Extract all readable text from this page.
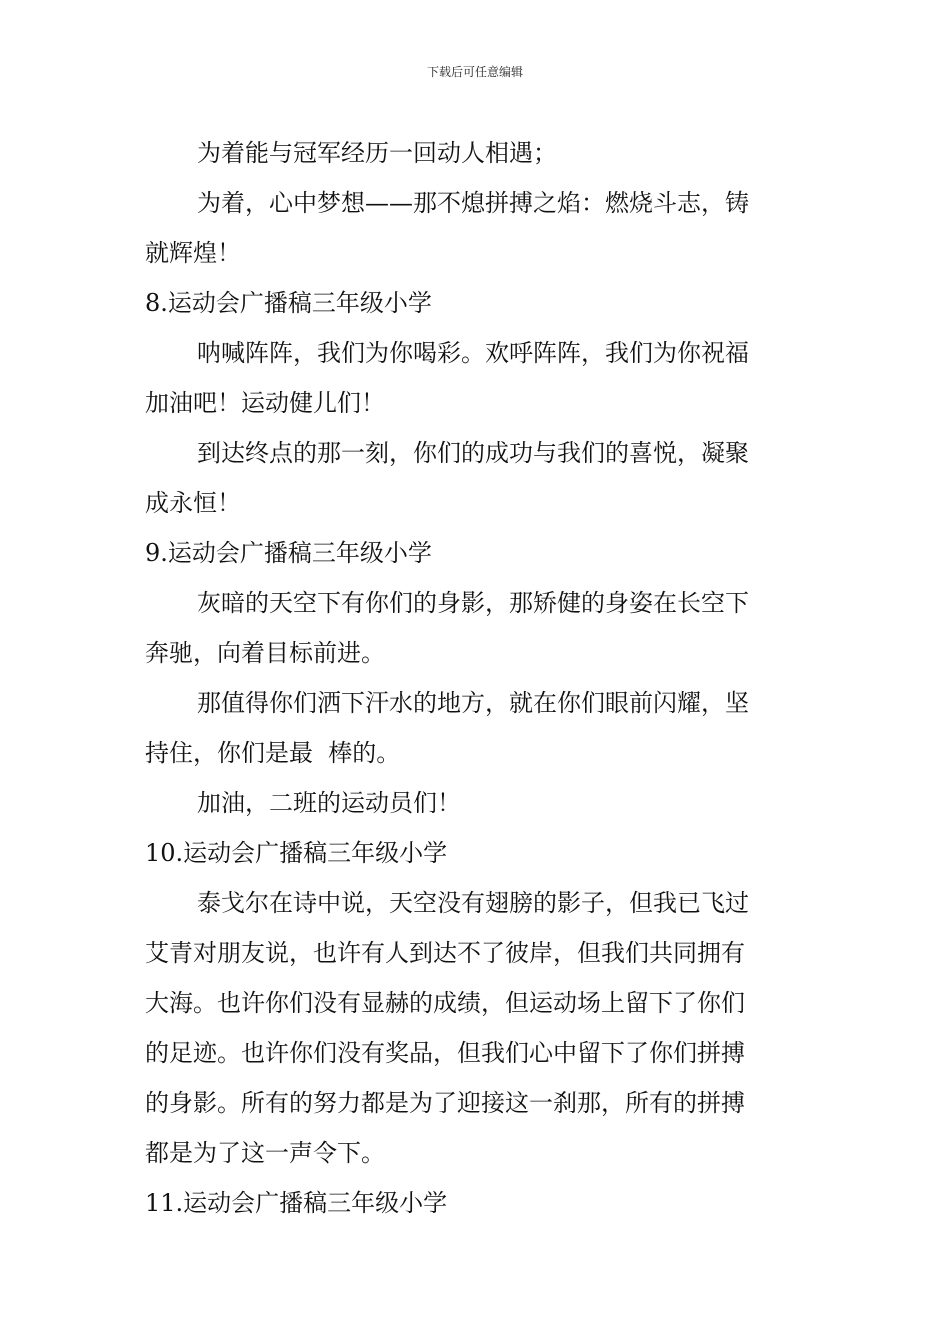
下载后可任意编辑
为着能与冠军经历一回动人相遇；
为着，心中梦想——那不熄拼搏之焰：燃烧斗志，铸
就辉煌！
8.运动会广播稿三年级小学
呐喊阵阵，我们为你喝彩。欢呼阵阵，我们为你祝福
加油吧！运动健儿们！
到达终点的那一刻，你们的成功与我们的喜悦，凝聚
成永恒！
9.运动会广播稿三年级小学
灰暗的天空下有你们的身影，那矫健的身姿在长空下
奔驰，向着目标前进。
那值得你们洒下汗水的地方，就在你们眼前闪耀，坚
持住，你们是最  棒的。
加油，二班的运动员们！
10.运动会广播稿三年级小学
泰戈尔在诗中说，天空没有翅膀的影子，但我已飞过
艾青对朋友说，也许有人到达不了彼岸，但我们共同拥有
大海。也许你们没有显赫的成绩，但运动场上留下了你们
的足迹。也许你们没有奖品，但我们心中留下了你们拼搏
的身影。所有的努力都是为了迎接这一刹那，所有的拼搏
都是为了这一声令下。
11.运动会广播稿三年级小学
